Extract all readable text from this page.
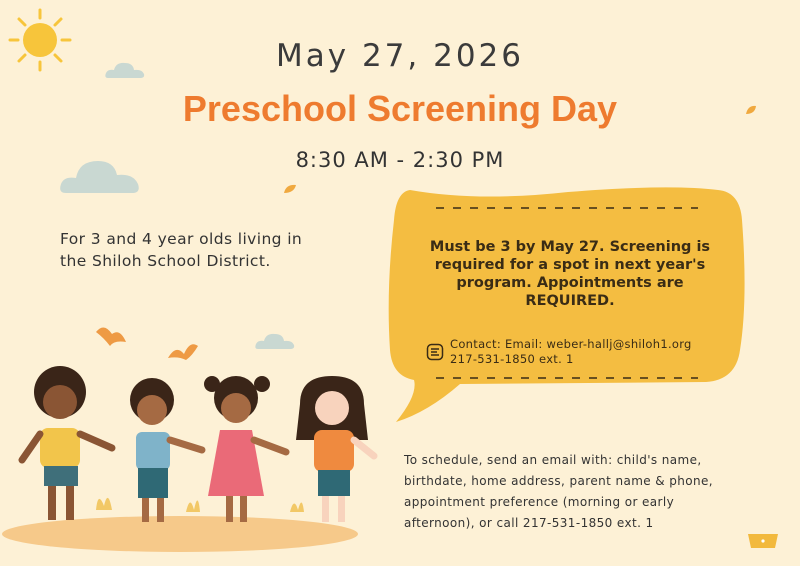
May 27, 2026
Preschool Screening Day
8:30 AM - 2:30 PM
For 3 and 4 year olds living in the Shiloh School District.
Must be 3 by May 27. Screening is required for a spot in next year's program. Appointments are REQUIRED.
Contact: Email: weber-hallj@shiloh1.org
217-531-1850 ext. 1
To schedule, send an email with: child's name, birthdate, home address, parent name & phone, appointment preference (morning or early afternoon), or call 217-531-1850 ext. 1
